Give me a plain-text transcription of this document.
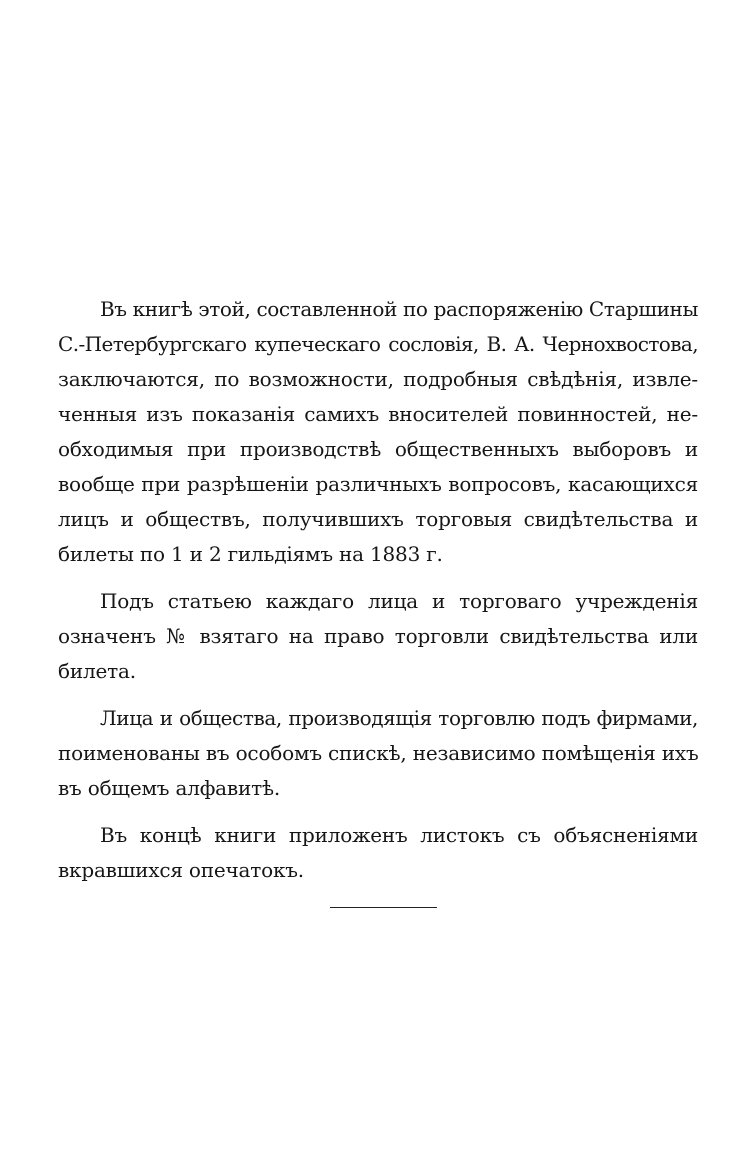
Въ книгѣ этой, составленной по распоряженію Старшины
С.-Петербургскаго купеческаго сословія, В. А. Чернохвостова,
заключаются, по возможности, подробныя свѣдѣнія, извле-
ченныя изъ показанія самихъ вносителей повинностей, не-
обходимыя при производствѣ общественныхъ выборовъ и
вообще при разрѣшеніи различныхъ вопросовъ, касающихся
лицъ и обществъ, получившихъ торговыя свидѣтельства и
билеты по 1 и 2 гильдіямъ на 1883 г.
Подъ статьею каждаго лица и торговаго учрежденія
означенъ № взятаго на право торговли свидѣтельства или
билета.
Лица и общества, производящія торговлю подъ фирмами,
поименованы въ особомъ спискѣ, независимо помѣщенія ихъ
въ общемъ алфавитѣ.
Въ концѣ книги приложенъ листокъ съ объясненіями
вкравшихся опечатокъ.
